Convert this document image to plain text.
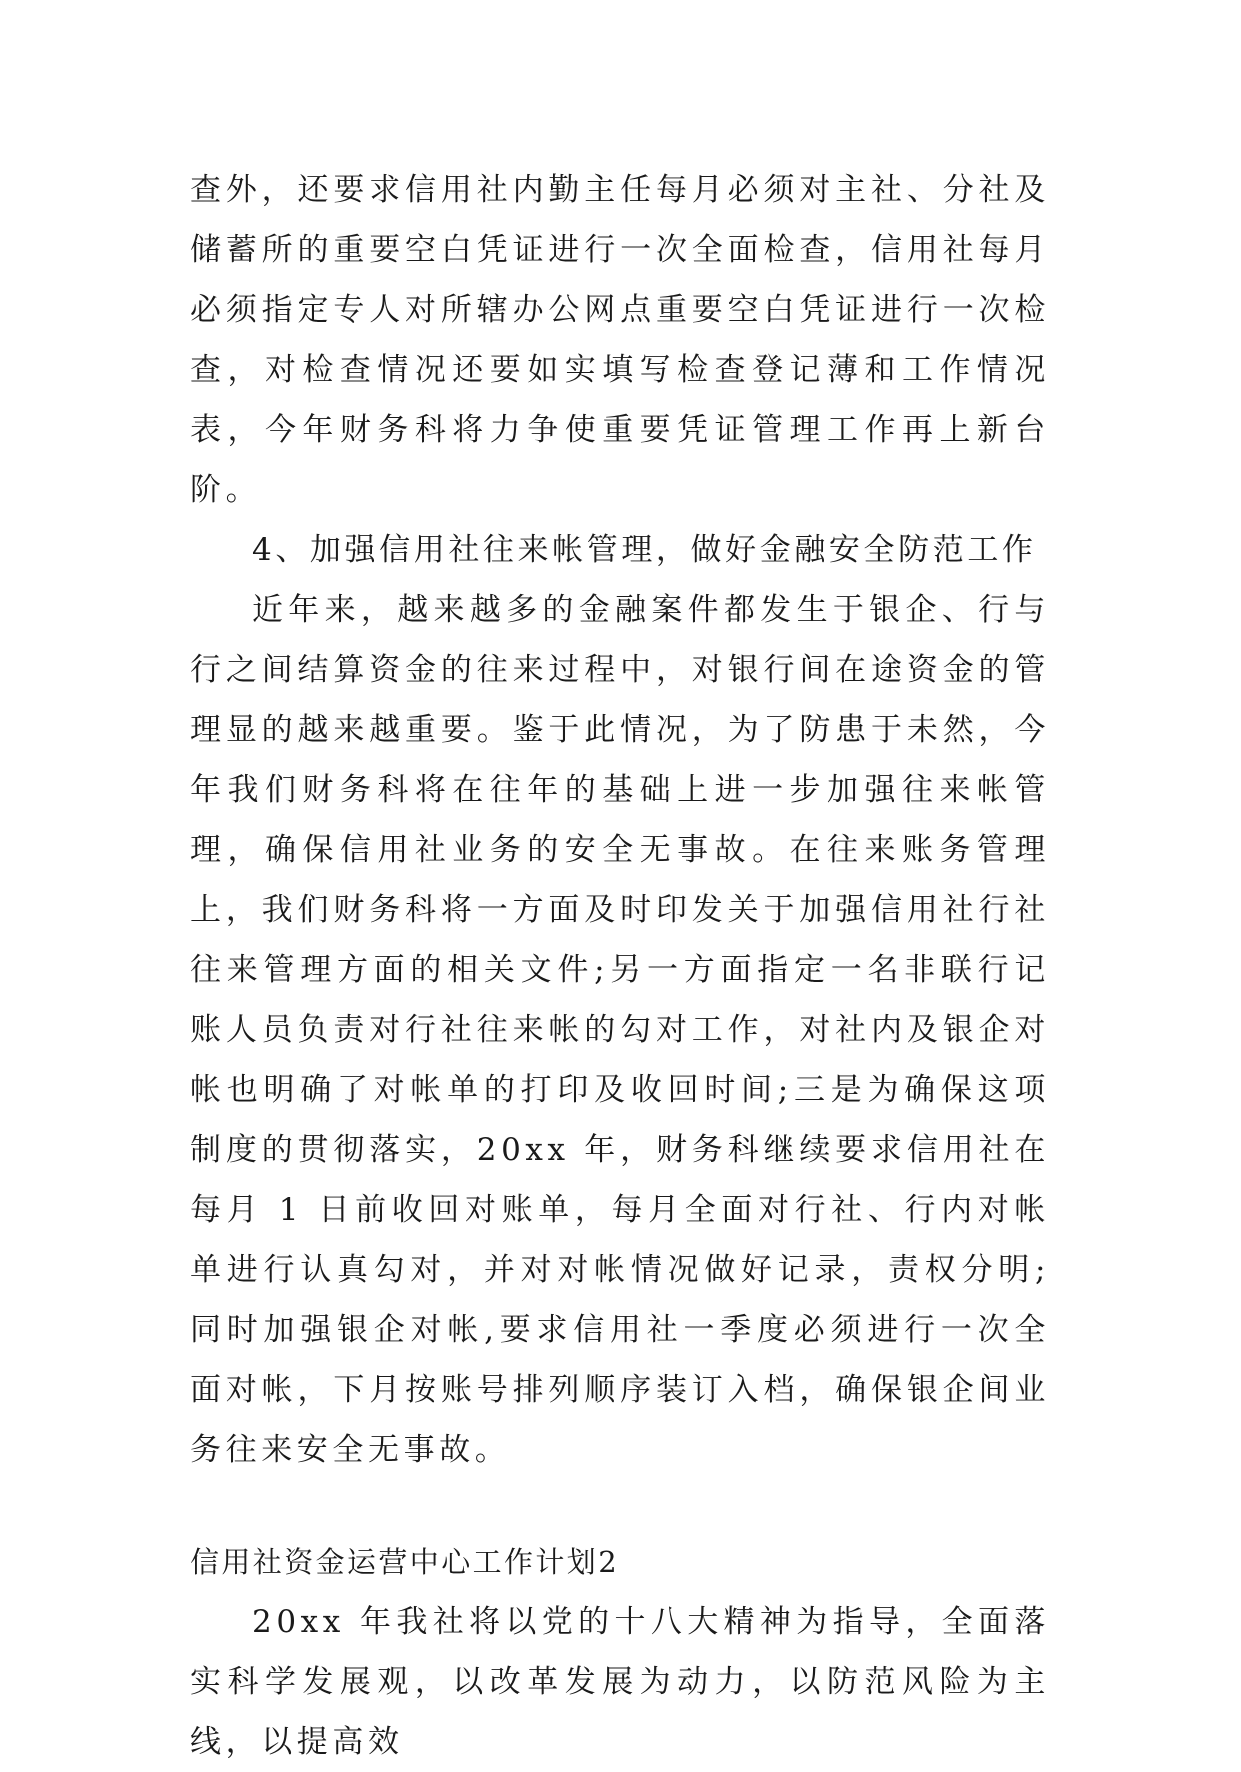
查外，还要求信用社内勤主任每月必须对主社、分社及储蓄所的重要空白凭证进行一次全面检查，信用社每月必须指定专人对所辖办公网点重要空白凭证进行一次检查，对检查情况还要如实填写检查登记薄和工作情况表，今年财务科将力争使重要凭证管理工作再上新台阶。

4、加强信用社往来帐管理，做好金融安全防范工作

近年来，越来越多的金融案件都发生于银企、行与行之间结算资金的往来过程中，对银行间在途资金的管理显的越来越重要。鉴于此情况，为了防患于未然，今年我们财务科将在往年的基础上进一步加强往来帐管理，确保信用社业务的安全无事故。在往来账务管理上，我们财务科将一方面及时印发关于加强信用社行社往来管理方面的相关文件;另一方面指定一名非联行记账人员负责对行社往来帐的勾对工作，对社内及银企对帐也明确了对帐单的打印及收回时间;三是为确保这项制度的贯彻落实，20xx 年，财务科继续要求信用社在每月 1 日前收回对账单，每月全面对行社、行内对帐单进行认真勾对，并对对帐情况做好记录，责权分明;同时加强银企对帐,要求信用社一季度必须进行一次全面对帐，下月按账号排列顺序装订入档，确保银企间业务往来安全无事故。

信用社资金运营中心工作计划2

20xx 年我社将以党的十八大精神为指导，全面落实科学发展观，以改革发展为动力，以防范风险为主线，以提高效
